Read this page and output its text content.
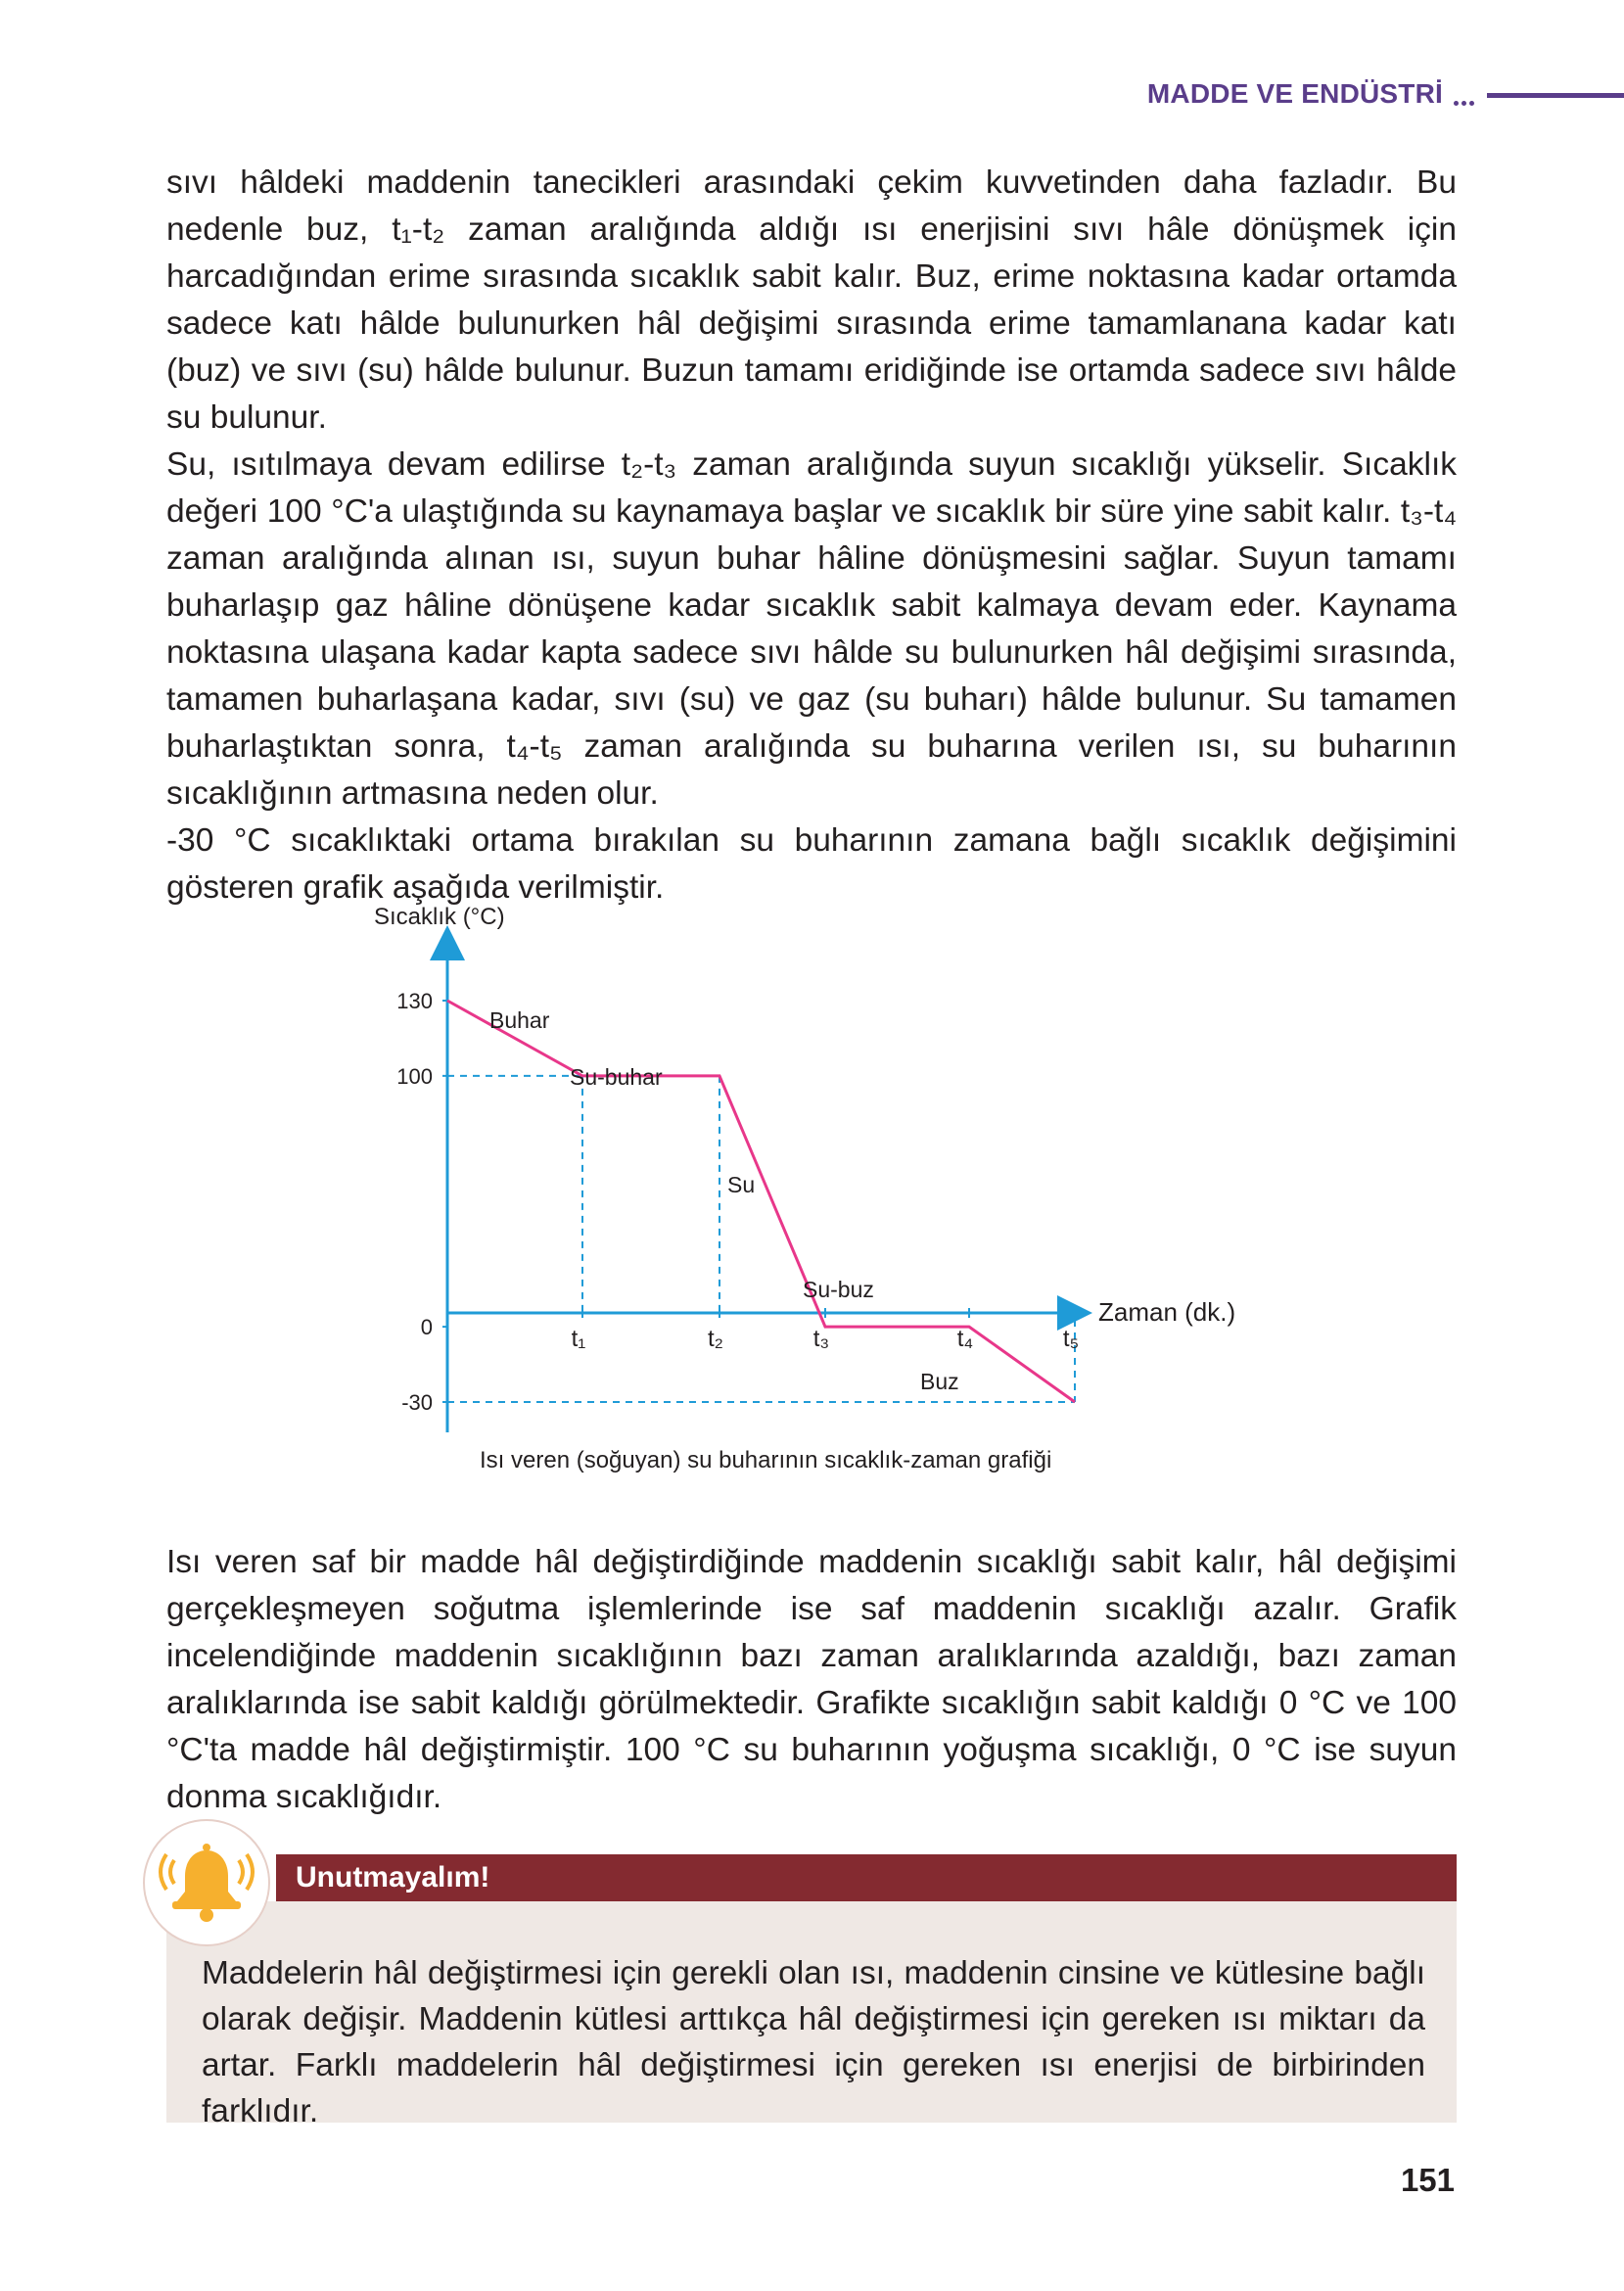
MADDE VE ENDÜSTRİ

sıvı hâldeki maddenin tanecikleri arasındaki çekim kuvvetinden daha fazladır. Bu nedenle buz, t₁-t₂ zaman aralığında aldığı ısı enerjisini sıvı hâle dönüşmek için harcadığından erime sırasında sıcaklık sabit kalır. Buz, erime noktasına kadar ortamda sadece katı hâlde bulunurken hâl değişimi sırasında erime tamamlanana kadar katı (buz) ve sıvı (su) hâlde bulunur. Buzun tamamı eridiğinde ise ortamda sadece sıvı hâlde su bulunur.

Su, ısıtılmaya devam edilirse t₂-t₃ zaman aralığında suyun sıcaklığı yükselir. Sıcaklık değeri 100 °C'a ulaştığında su kaynamaya başlar ve sıcaklık bir süre yine sabit kalır. t₃-t₄ zaman aralığında alınan ısı, suyun buhar hâline dönüşmesini sağlar. Suyun tamamı buharlaşıp gaz hâline dönüşene kadar sıcaklık sabit kalmaya devam eder. Kaynama noktasına ulaşana kadar kapta sadece sıvı hâlde su bulunurken hâl değişimi sırasında, tamamen buharlaşana kadar, sıvı (su) ve gaz (su buharı) hâlde bulunur. Su tamamen buharlaştıktan sonra, t₄-t₅ zaman aralığında su buharına verilen ısı, su buharının sıcaklığının artmasına neden olur.

-30 °C sıcaklıktaki ortama bırakılan su buharının zamana bağlı sıcaklık değişimini gösteren grafik aşağıda verilmiştir.

Sıcaklık (°C)
Zaman (dk.)
130
100
0
-30
t₁	t₂	t₃	t₄	t₅
Buhar
Su-buhar
Su
Su-buz
Buz
Isı veren (soğuyan) su buharının sıcaklık-zaman grafiği

Isı veren saf bir madde hâl değiştirdiğinde maddenin sıcaklığı sabit kalır, hâl değişimi gerçekleşmeyen soğutma işlemlerinde ise saf maddenin sıcaklığı azalır. Grafik incelendiğinde maddenin sıcaklığının bazı zaman aralıklarında azaldığı, bazı zaman aralıklarında ise sabit kaldığı görülmektedir. Grafikte sıcaklığın sabit kaldığı 0 °C ve 100 °C'ta madde hâl değiştirmiştir. 100 °C su buharının yoğuşma sıcaklığı, 0 °C ise suyun donma sıcaklığıdır.

Unutmayalım!

Maddelerin hâl değiştirmesi için gerekli olan ısı, maddenin cinsine ve kütlesine bağlı olarak değişir. Maddenin kütlesi arttıkça hâl değiştirmesi için gereken ısı miktarı da artar. Farklı maddelerin hâl değiştirmesi için gereken ısı enerjisi de birbirinden farklıdır.

151
